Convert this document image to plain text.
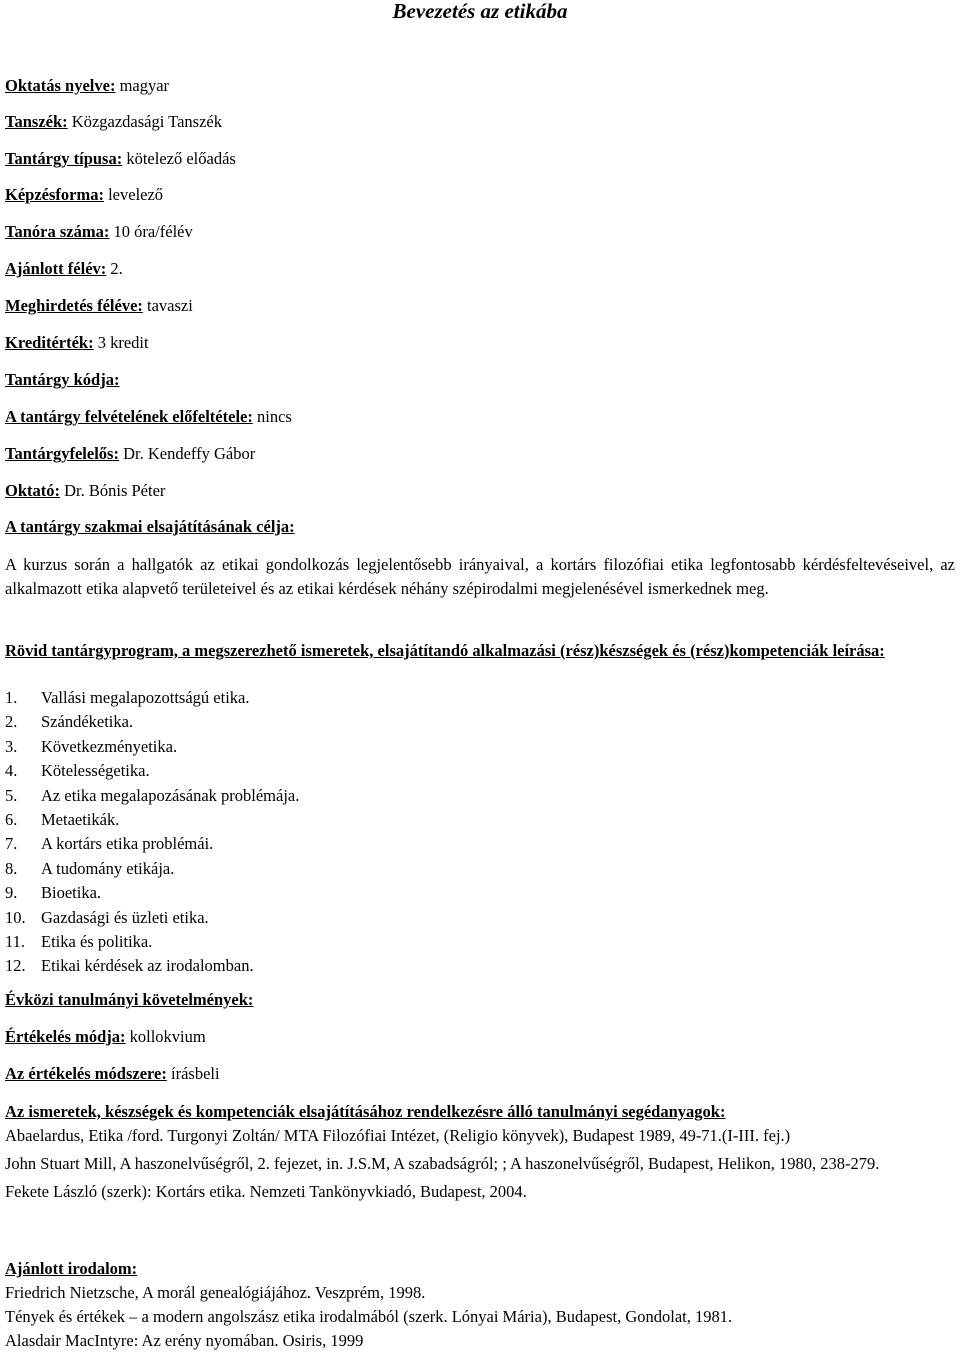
Bevezetés az etikába

Oktatás nyelve: magyar

Tanszék: Közgazdasági Tanszék

Tantárgy típusa: kötelező előadás

Képzésforma: levelező

Tanóra száma: 10 óra/félév

Ajánlott félév: 2.

Meghirdetés féléve: tavaszi

Kreditérték: 3 kredit

Tantárgy kódja:

A tantárgy felvételének előfeltétele: nincs

Tantárgyfelelős: Dr. Kendeffy Gábor

Oktató: Dr. Bónis Péter

A tantárgy szakmai elsajátításának célja:

A kurzus során a hallgatók az etikai gondolkozás legjelentősebb irányaival, a kortárs filozófiai etika legfontosabb kérdésfeltevéseivel, az alkalmazott etika alapvető területeivel és az etikai kérdések néhány szépirodalmi megjelenésével ismerkednek meg.

Rövid tantárgyprogram, a megszerezhető ismeretek, elsajátítandó alkalmazási (rész)készségek és (rész)kompetenciák leírása:

1. Vallási megalapozottságú etika.
2. Szándéketika.
3. Következményetika.
4. Kötelességetika.
5. Az etika megalapozásának problémája.
6. Metaetikák.
7. A kortárs etika problémái.
8. A tudomány etikája.
9. Bioetika.
10. Gazdasági és üzleti etika.
11. Etika és politika.
12. Etikai kérdések az irodalomban.

Évközi tanulmányi követelmények:

Értékelés módja: kollokvium

Az értékelés módszere: írásbeli

Az ismeretek, készségek és kompetenciák elsajátításához rendelkezésre álló tanulmányi segédanyagok:

Abaelardus, Etika /ford. Turgonyi Zoltán/ MTA Filozófiai Intézet, (Religio könyvek), Budapest 1989, 49-71.(I-III. fej.)

John Stuart Mill, A haszonelvűségről, 2. fejezet, in. J.S.M, A szabadságról; ; A haszonelvűségről, Budapest, Helikon, 1980, 238-279.

Fekete László (szerk): Kortárs etika. Nemzeti Tankönyvkiadó, Budapest, 2004.

Ajánlott irodalom:

Friedrich Nietzsche, A morál genealógiájához. Veszprém, 1998.

Tények és értékek – a modern angolszász etika irodalmából (szerk. Lónyai Mária), Budapest, Gondolat, 1981.

Alasdair MacIntyre: Az erény nyomában. Osiris, 1999
